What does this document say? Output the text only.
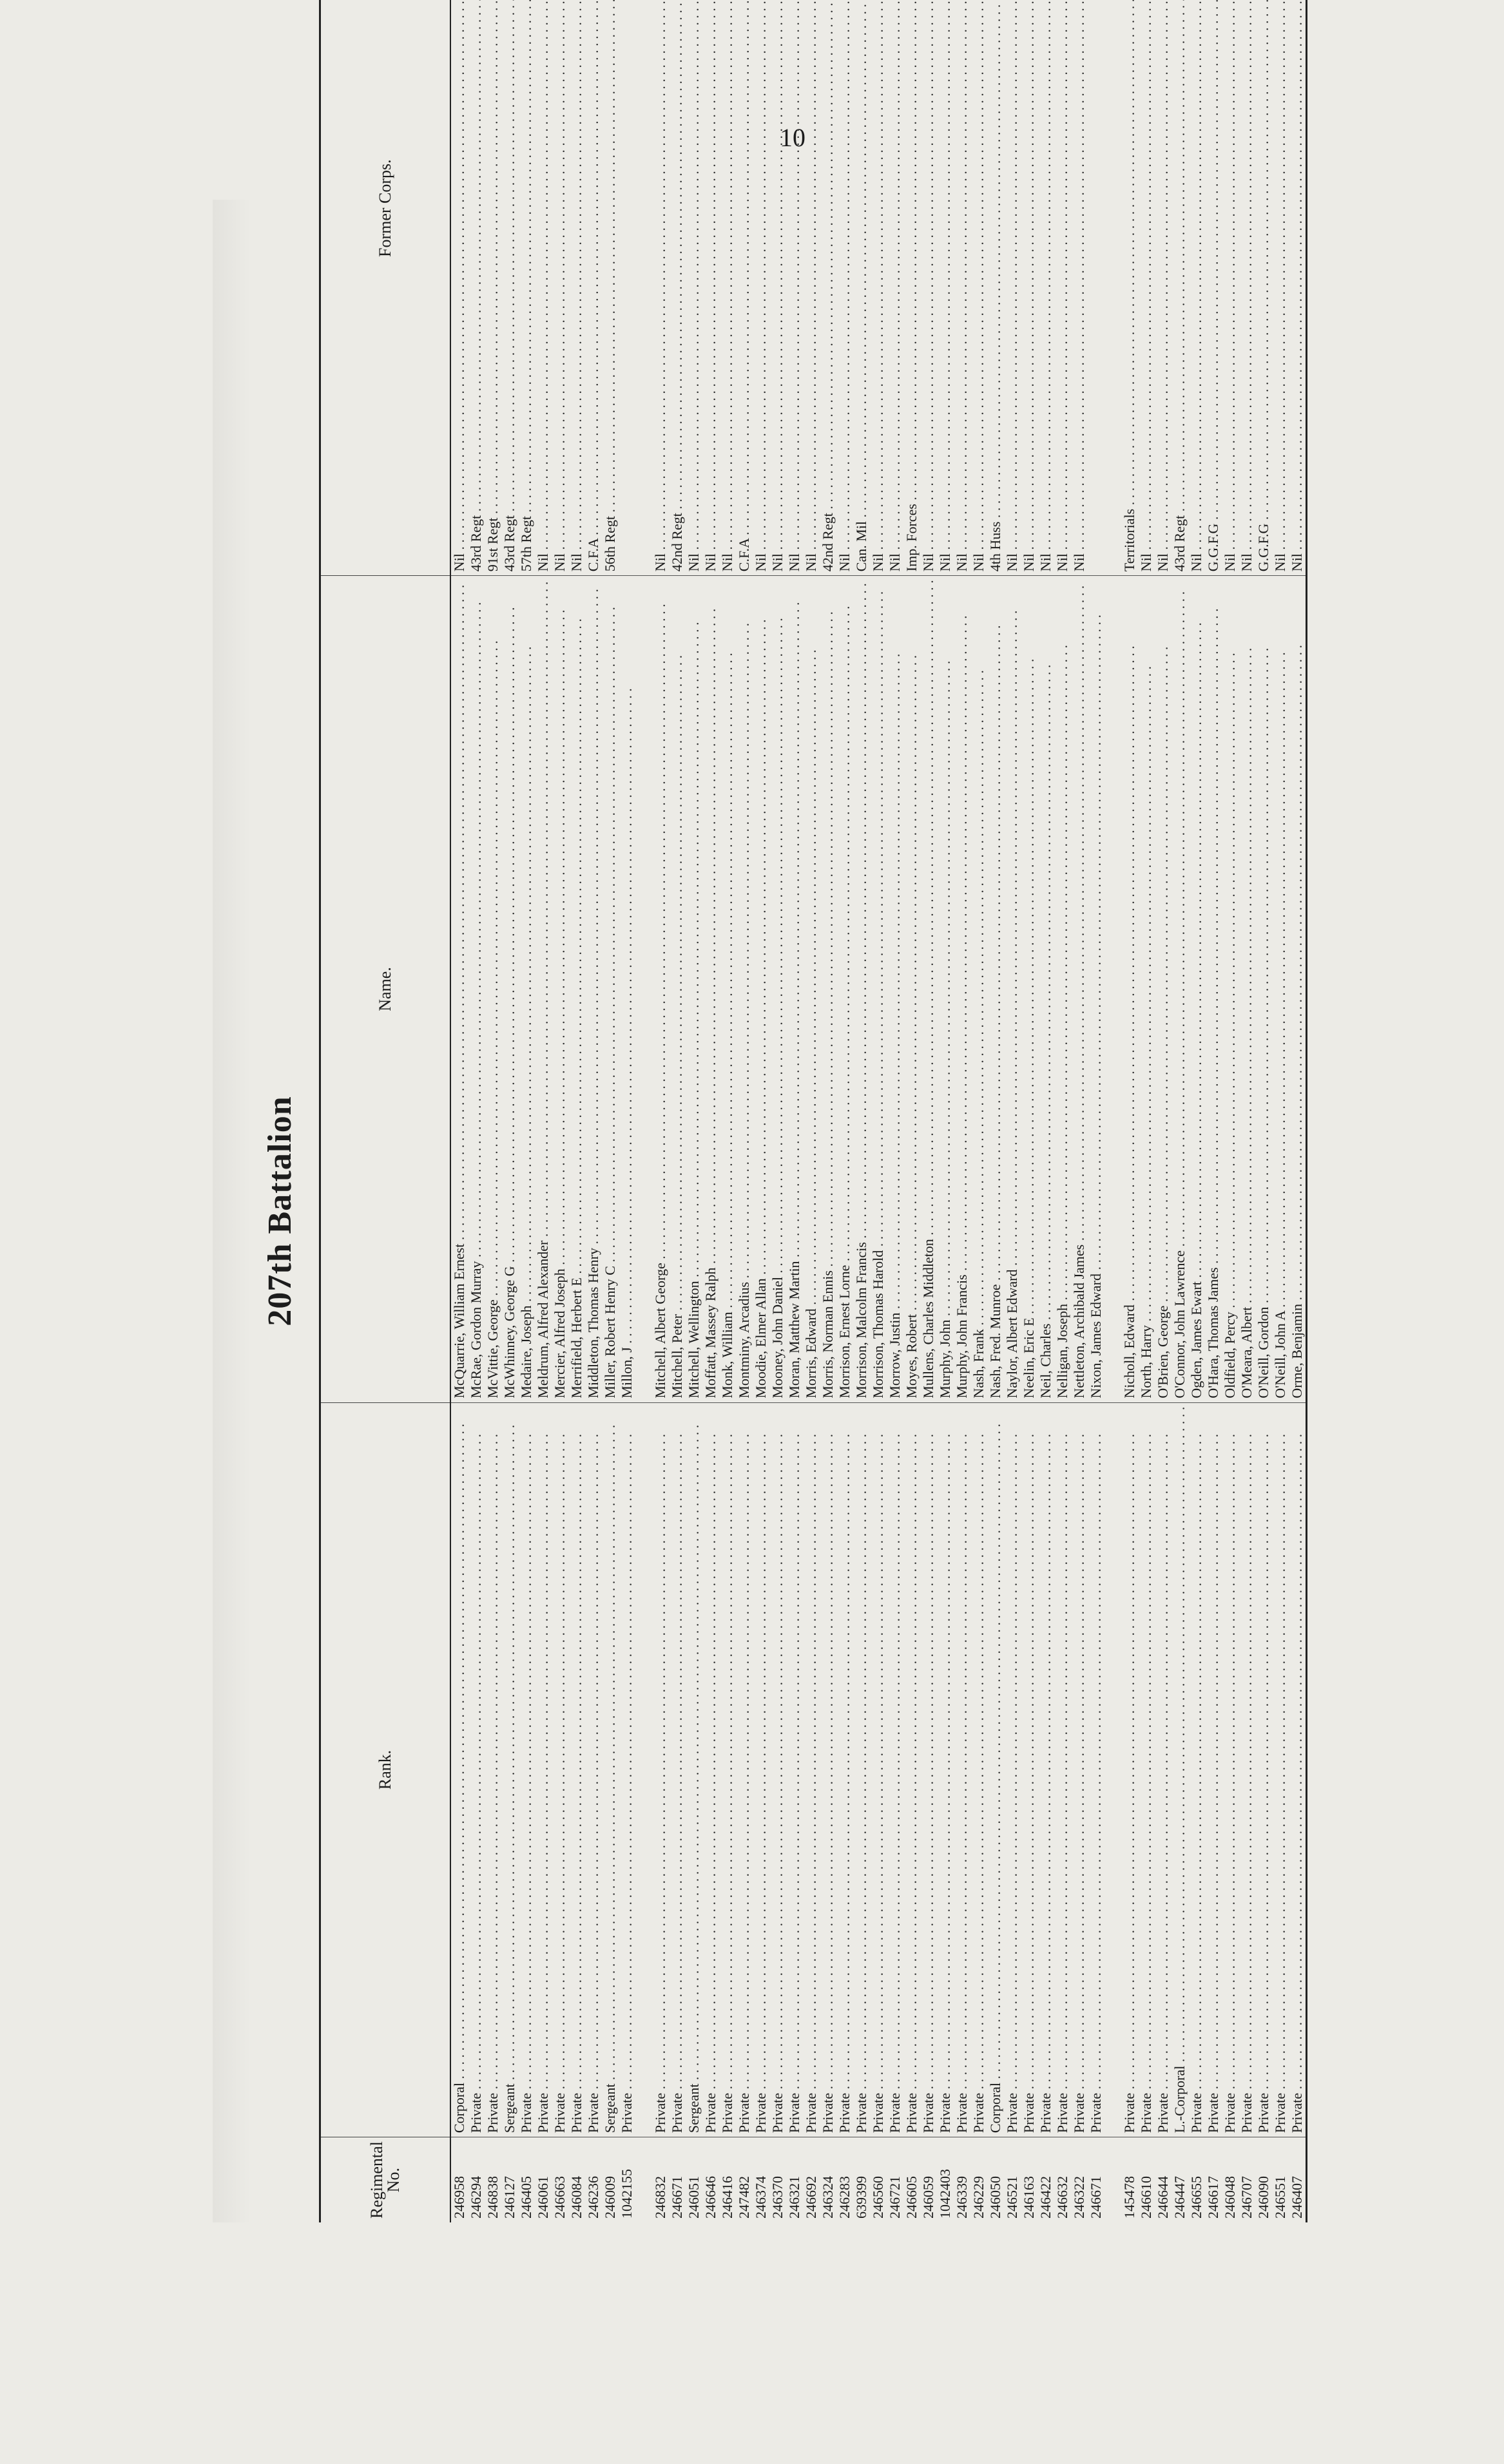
10
207th Battalion
Regimental No.	Rank.	Name.	Former Corps.				

246958	Corporal . . .	McQuarrie, William Ernest . . .	Nil . . .

246294	Private . . .	McRae, Gordon Murray . . .	43rd Regt . . .

246838	Private . . .	McVittie, George . . .	91st Regt . . .

246127	Sergeant . . .	McWhinney, George G . . .	43rd Regt . . .

246405	Private . . .	Medaire, Joseph . . .	57th Regt . . .

246061	Private . . .	Meldrum, Alfred Alexander . . .	Nil . . .

246663	Private . . .	Mercier, Alfred Joseph . . .	Nil . . .

246084	Private . . .	Merrifield, Herbert E . . .	Nil . . .

246236	Private . . .	Middleton, Thomas Henry . . .	C.F.A . . .

246009	Sergeant . . .	Miller, Robert Henry C . . .	56th Regt . . .

1042155	Private . . .	Millon, J . . .

246832	Private . . .	Mitchell, Albert George . . .	Nil . . .

246671	Private . . .	Mitchell, Peter . . .	42nd Regt . . .

246051	Sergeant . . .	Mitchell, Wellington . . .	Nil . . .

246646	Private . . .	Moffatt, Massey Ralph . . .	Nil . . .

246416	Private . . .	Monk, William . . .	Nil . . .

247482	Private . . .	Montminy, Arcadius . . .	C.F.A . . .

246374	Private . . .	Moodie, Elmer Allan . . .	Nil . . .

246370	Private . . .	Mooney, John Daniel . . .	Nil . . .

246321	Private . . .	Moran, Matthew Martin . . .	Nil . . .

246692	Private . . .	Morris, Edward . . .	Nil . . .

246324	Private . . .	Morris, Norman Ennis . . .	42nd Regt . . .

246283	Private . . .	Morrison, Ernest Lorne . . .	Nil . . .

639399	Private . . .	Morrison, Malcolm Francis . . .	Can. Mil . . .

246560	Private . . .	Morrison, Thomas Harold . . .	Nil . . .

246721	Private . . .	Morrow, Justin . . .	Nil . . .

246605	Private . . .	Moyes, Robert . . .	Imp. Forces . . .

246059	Private . . .	Mullens, Charles Middleton . . .	Nil . . .

1042403	Private . . .	Murphy, John . . .	Nil . . .

246339	Private . . .	Murphy, John Francis . . .	Nil . . .

246229	Private . . .	Nash, Frank . . .	Nil . . .

246050	Corporal . . .	Nash, Fred. Munroe . . .	4th Huss . . .

246521	Private . . .	Naylor, Albert Edward . . .	Nil . . .

246163	Private . . .	Neelin, Eric E . . .	Nil . . .

246422	Private . . .	Neil, Charles . . .	Nil . . .

246632	Private . . .	Nelligan, Joseph . . .	Nil . . .

246322	Private . . .	Nettleton, Archibald James . . .	Nil . . .

246671	Private . . .	Nixon, James Edward . . .

145478	Private . . .	Nicholl, Edward . . .	Territorials . . .

246610	Private . . .	North, Harry . . .	Nil . . .

246644	Private . . .	O'Brien, George . . .	Nil . . .

246447	L.-Corporal . . .	O'Connor, John Lawrence . . .	43rd Regt . . .

246655	Private . . .	Ogden, James Ewart . . .	Nil . . .

246617	Private . . .	O'Hara, Thomas James . . .	G.G.F.G . . .

246048	Private . . .	Oldfield, Percy . . .	Nil . . .

246707	Private . . .	O'Meara, Albert . . .	Nil . . .

246090	Private . . .	O'Neill, Gordon . . .	G.G.F.G . . .

246551	Private . . .	O'Neill, John A . . .	Nil . . .

246407	Private . . .	Orme, Benjamin . . .	Nil . . .
